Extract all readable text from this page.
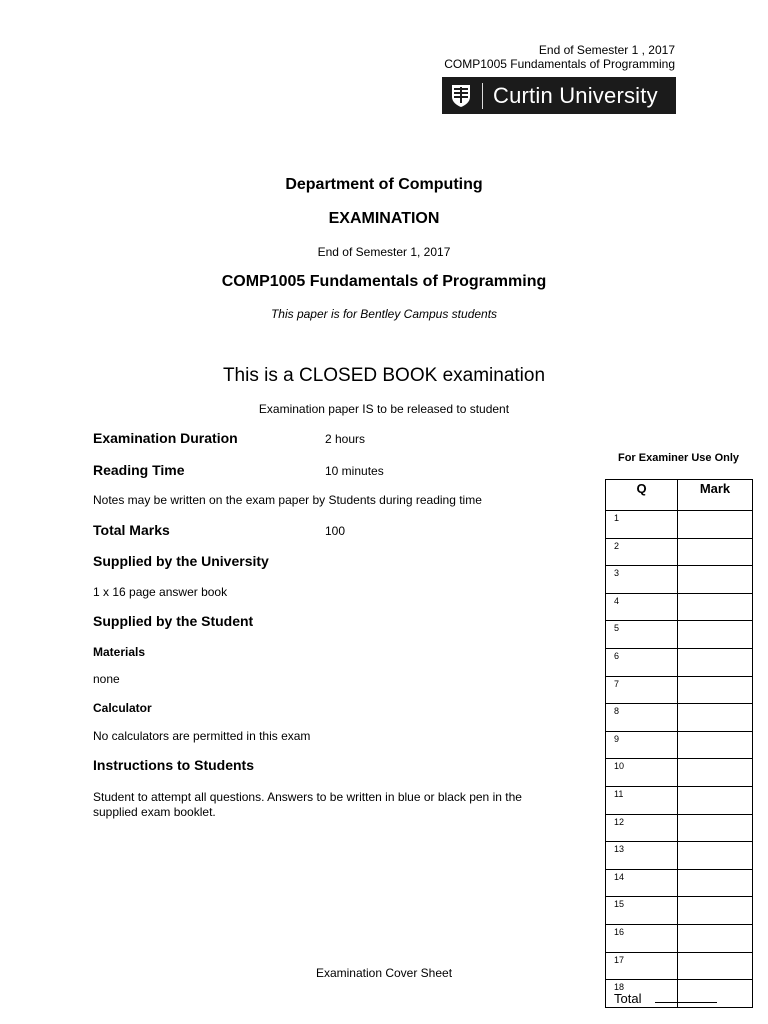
End of Semester 1 , 2017
COMP1005 Fundamentals of Programming
Curtin University
Department of Computing
EXAMINATION
End of Semester 1, 2017
COMP1005 Fundamentals of Programming
This paper is for Bentley Campus students
This is a CLOSED BOOK examination
Examination paper IS to be released to student
Examination Duration	2 hours
Reading Time	10 minutes
Notes may be written on the exam paper by Students during reading time
Total Marks	100
Supplied by the University
1 x 16 page answer book
Supplied by the Student
Materials
none
Calculator
No calculators are permitted in this exam
Instructions to Students
Student to attempt all questions. Answers to be written in blue or black pen in the
supplied exam booklet.
For Examiner Use Only
Q	Mark
1	
2	
3	
4	
5	
6	
7	
8	
9	
10	
11	
12	
13	
14	
15	
16	
17	
18	
Total
Examination Cover Sheet
